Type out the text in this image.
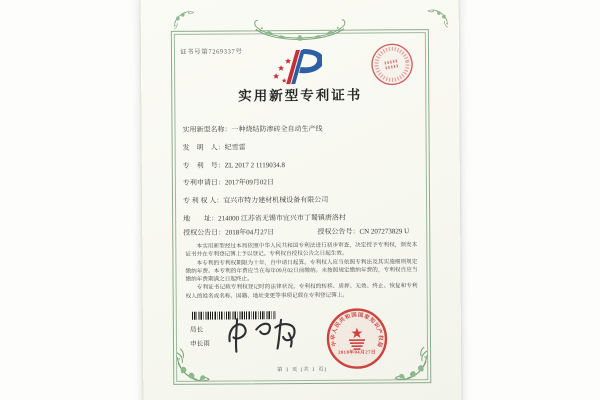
证书号第7269337号
实用新型专利证书
实用新型名称：一种烧结防渗砖全自动生产线
发　明　人：纪雪雷
专　利　号：ZL 2017 2 1119034.8
专利申请日：2017年09月02日
专 利 权 人：宜兴市特力建材机械设备有限公司
地　　址：214000 江苏省无锡市宜兴市丁蜀镇唐洛村
授权公告日：2018年04月27日	授权公告号：CN 207273829 U

本实用新型经过本局依照中华人民共和国专利法进行初步审查，决定授予专利权，颁发本证书并在专利登记簿上予以登记。专利权自授权公告之日起生效。

本专利的专利权期限为十年，自申请日起算。专利权人应当依照专利法及其实施细则规定缴纳年费。本专利的年费应当在每年09月02日前缴纳。未按照规定缴纳年费的，专利权自应当缴纳年费期满之日起终止。

专利证书记载专利权登记时的法律状况。专利权的转移、质押、无效、终止、恢复和专利权人的姓名或名称、国籍、地址变更等事项记载在专利登记簿上。

局长
申长雨	中华人民共和国国家知识产权局
2018年04月27日
第 1 页 (共 1 页)
